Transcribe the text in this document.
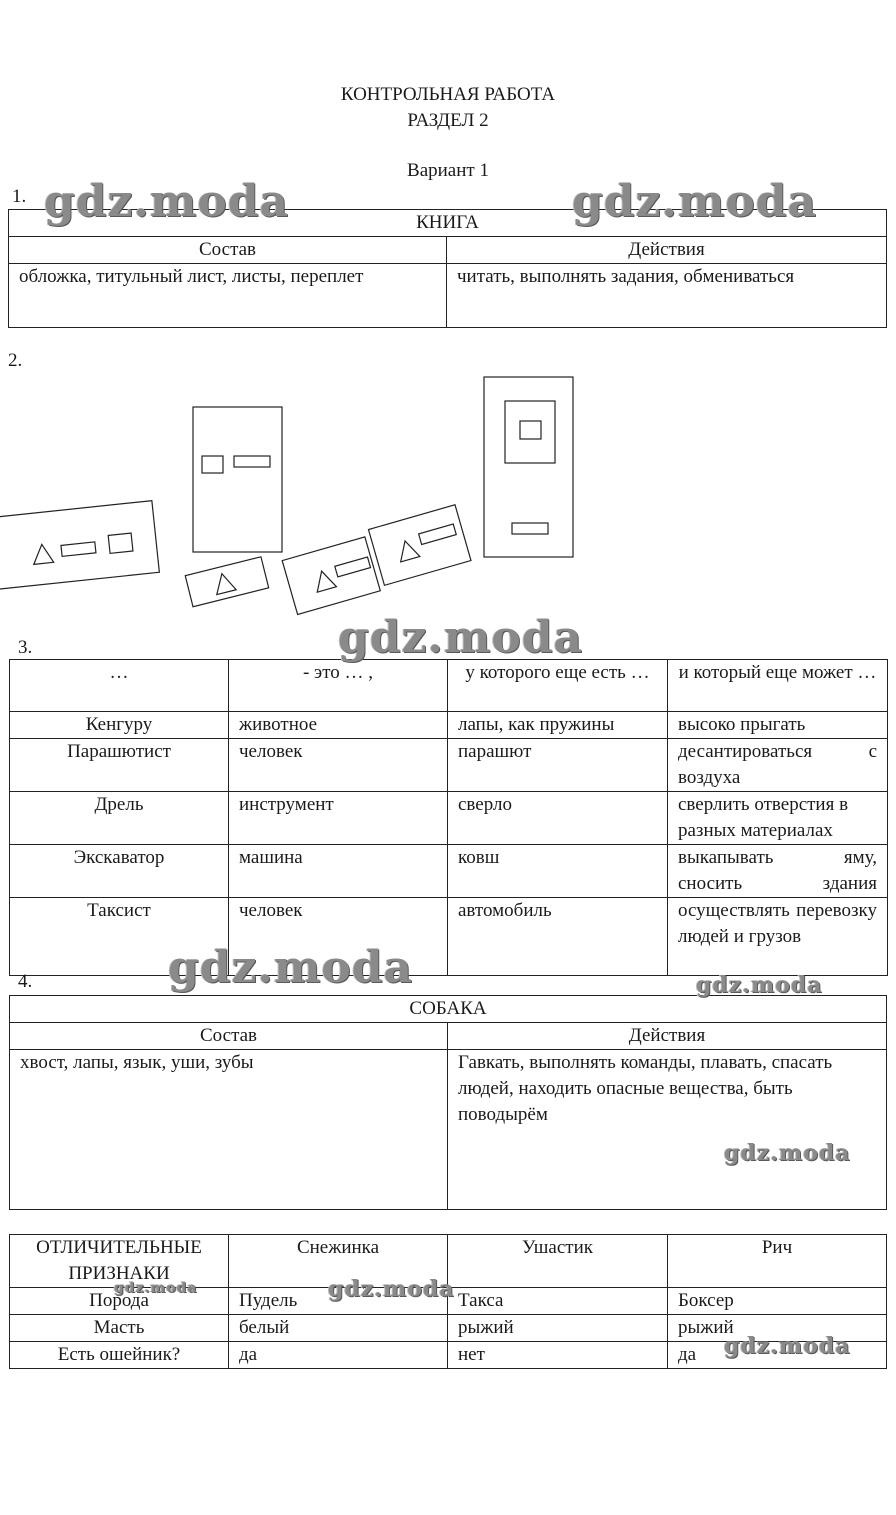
КОНТРОЛЬНАЯ РАБОТА
РАЗДЕЛ 2
Вариант 1
1.
КНИГА	
Состав	Действия
обложка, титульный лист, листы, переплет	читать, выполнять задания, обмениваться
2.
3.
…	- это … ,	у которого еще есть …	и который еще может …
Кенгуру	животное	лапы, как пружины	высоко прыгать
Парашютист	человек	парашют	десантироваться с воздуха
Дрель	инструмент	сверло	сверлить отверстия в разных материалах
Экскаватор	машина	ковш	выкапывать яму, сносить здания
Таксист	человек	автомобиль	осуществлять перевозку людей и грузов
4.
СОБАКА	
Состав	Действия
хвост, лапы, язык, уши, зубы	Гавкать, выполнять команды, плавать, спасать людей, находить опасные вещества, быть поводырём
ОТЛИЧИТЕЛЬНЫЕ ПРИЗНАКИ	Снежинка	Ушастик	Рич
Порода	Пудель	Такса	Боксер
Масть	белый	рыжий	рыжий
Есть ошейник?	да	нет	да
gdz.moda	gdz.moda
gdz.moda
gdz.moda	gdz.moda
gdz.moda
gdz.moda
gdz.moda
gdz.moda
